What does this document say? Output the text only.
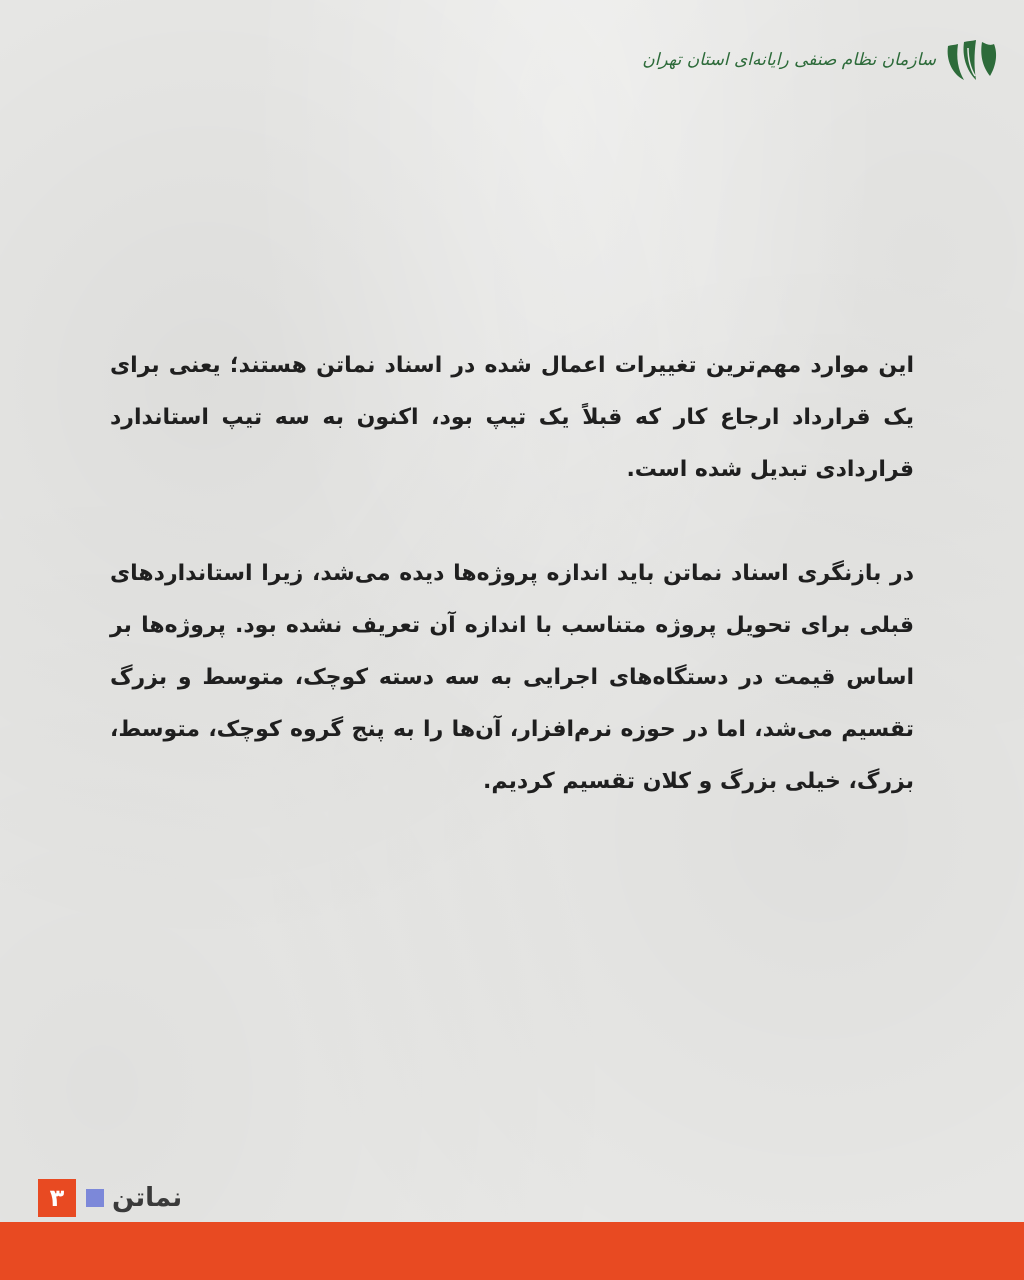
سازمان نظام صنفی رایانه‌ای استان تهران

این موارد مهم‌ترین تغییرات اعمال شده در اسناد نماتن هستند؛ یعنی برای یک قرارداد ارجاع کار که قبلاً یک تیپ بود، اکنون به سه تیپ استاندارد قراردادی تبدیل شده است.

در بازنگری اسناد نماتن باید اندازه پروژه‌ها دیده می‌شد، زیرا استانداردهای قبلی برای تحویل پروژه متناسب با اندازه آن تعریف نشده بود. پروژه‌ها بر اساس قیمت در دستگاه‌های اجرایی به سه دسته کوچک، متوسط و بزرگ تقسیم می‌شد، اما در حوزه نرم‌افزار، آن‌ها را به پنج گروه کوچک، متوسط، بزرگ، خیلی بزرگ و کلان تقسیم کردیم.

۳	نماتن
